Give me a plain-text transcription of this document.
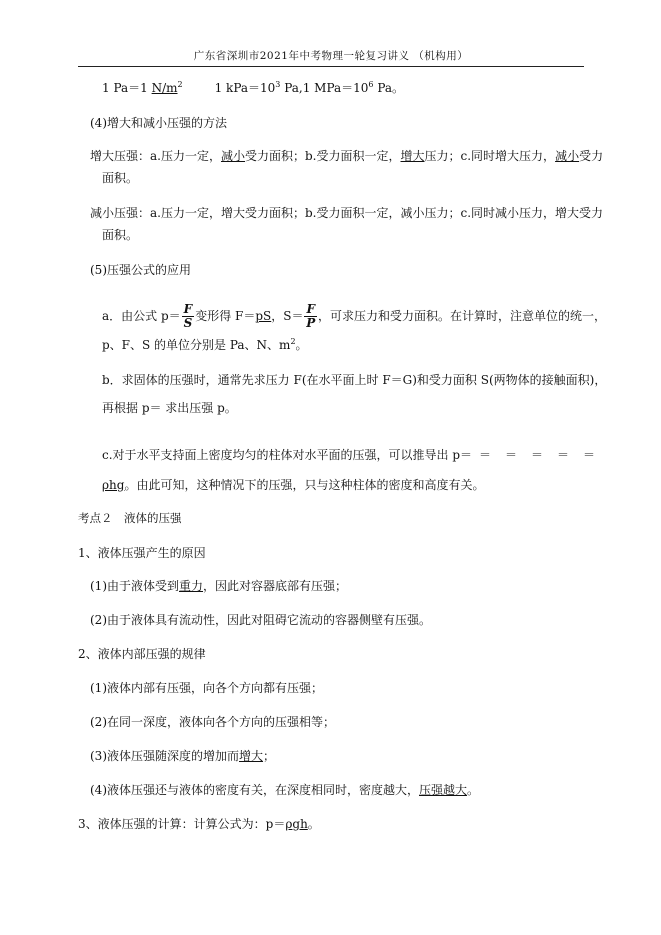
广东省深圳市2021年中考物理一轮复习讲义 （机构用）
1 Pa＝1 $N/m^2$	1 $kPa=10^3$ Pa,1 $MPa=10^6$ Pa。
(4)增大和减小压强的方法
增大压强：a.压力一定，减小受力面积；b.受力面积一定，增大压力；c.同时增大压力，减小受力
面积。
减小压强：a.压力一定，增大受力面积；b.受力面积一定，减小压力；c.同时减小压力，增大受力
面积。
(5)压强公式的应用
a．由公式 $p= \frac{F}{S}$ 变形得 F＝pS，$S= \frac{F}{P}$ ，可求压力和受力面积。在计算时，注意单位的统一，
p、F、S 的单位分别是 Pa、N、$m^2$。
b．求固体的压强时，通常先求压力 F(在水平面上时 F＝G)和受力面积 S(两物体的接触面积)，
再根据 p＝ 求出压强 p。
c.对于水平支持面上密度均匀的柱体对水平面的压强，可以推导出 p＝ ＝ ＝ ＝ ＝ ＝
ρhg。由此可知，这种情况下的压强，只与这种柱体的密度和高度有关。
考点２　液体的压强
1、液体压强产生的原因
(1)由于液体受到重力，因此对容器底部有压强；
(2)由于液体具有流动性，因此对阻碍它流动的容器侧壁有压强。
2、液体内部压强的规律
(1)液体内部有压强，向各个方向都有压强；
(2)在同一深度，液体向各个方向的压强相等；
(3)液体压强随深度的增加而增大；
(4)液体压强还与液体的密度有关，在深度相同时，密度越大，压强越大。
3、液体压强的计算：计算公式为：p＝ρgh。
